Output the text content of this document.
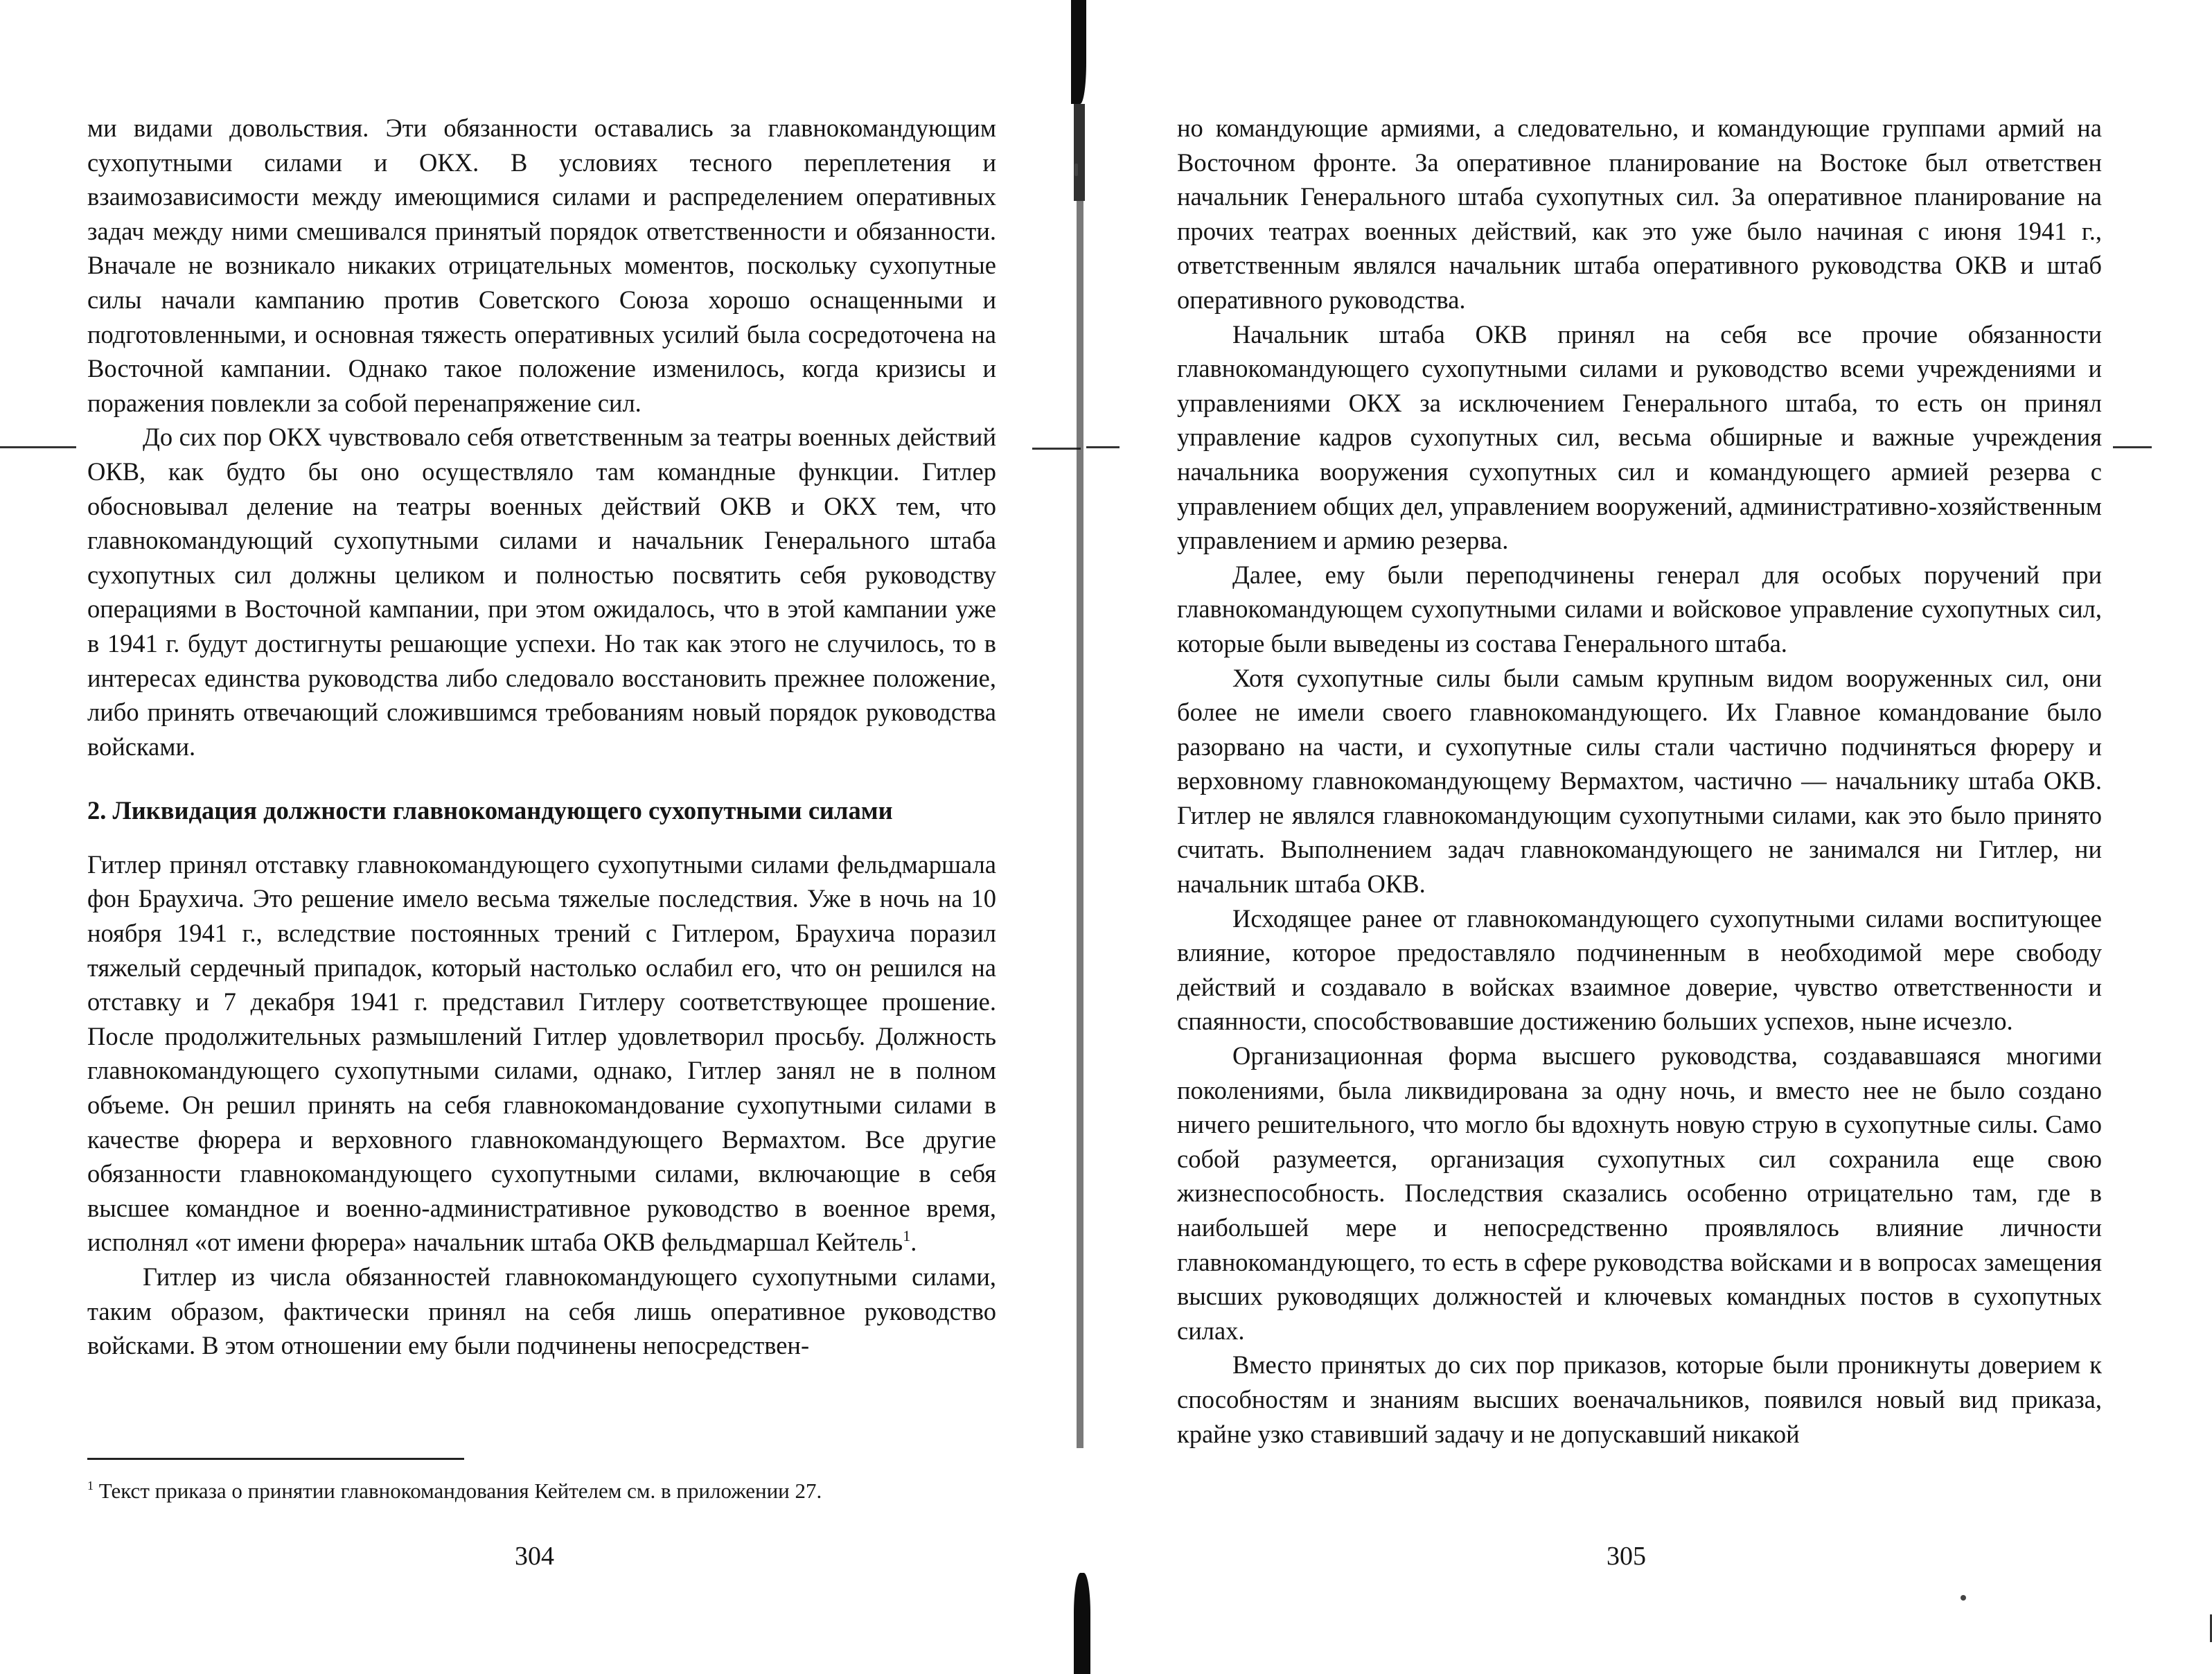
ми видами довольствия. Эти обязанности оставались за главнокомандующим сухопутными силами и ОКХ. В условиях тесного переплетения и взаимозависимости между имеющимися силами и распределением оперативных задач между ними смешивался принятый порядок ответственности и обязанности. Вначале не возникало никаких отрицательных моментов, поскольку сухопутные силы начали кампанию против Советского Союза хорошо оснащенными и подготовленными, и основная тяжесть оперативных усилий была сосредоточена на Восточной кампании. Однако такое положение изменилось, когда кризисы и поражения повлекли за собой перенапряжение сил.

До сих пор ОКХ чувствовало себя ответственным за театры военных действий ОКВ, как будто бы оно осуществляло там командные функции. Гитлер обосновывал деление на театры военных действий ОКВ и ОКХ тем, что главнокомандующий сухопутными силами и начальник Генерального штаба сухопутных сил должны целиком и полностью посвятить себя руководству операциями в Восточной кампании, при этом ожидалось, что в этой кампании уже в 1941 г. будут достигнуты решающие успехи. Но так как этого не случилось, то в интересах единства руководства либо следовало восстановить прежнее положение, либо принять отвечающий сложившимся требованиям новый порядок руководства войсками.

2. Ликвидация должности главнокомандующего сухопутными силами

Гитлер принял отставку главнокомандующего сухопутными силами фельдмаршала фон Браухича. Это решение имело весьма тяжелые последствия. Уже в ночь на 10 ноября 1941 г., вследствие постоянных трений с Гитлером, Браухича поразил тяжелый сердечный припадок, который настолько ослабил его, что он решился на отставку и 7 декабря 1941 г. представил Гитлеру соответствующее прошение. После продолжительных размышлений Гитлер удовлетворил просьбу. Должность главнокомандующего сухопутными силами, однако, Гитлер занял не в полном объеме. Он решил принять на себя главнокомандование сухопутными силами в качестве фюрера и верховного главнокомандующего Вермахтом. Все другие обязанности главнокомандующего сухопутными силами, включающие в себя высшее командное и военно-административное руководство в военное время, исполнял «от имени фюрера» начальник штаба ОКВ фельдмаршал Кейтель$^1$.

Гитлер из числа обязанностей главнокомандующего сухопутными силами, таким образом, фактически принял на себя лишь оперативное руководство войсками. В этом отношении ему были подчинены непосредствен-

$^1$ Текст приказа о принятии главнокомандования Кейтелем см. в приложении 27.

304

но командующие армиями, а следовательно, и командующие группами армий на Восточном фронте. За оперативное планирование на Востоке был ответствен начальник Генерального штаба сухопутных сил. За оперативное планирование на прочих театрах военных действий, как это уже было начиная с июня 1941 г., ответственным являлся начальник штаба оперативного руководства ОКВ и штаб оперативного руководства.

Начальник штаба ОКВ принял на себя все прочие обязанности главнокомандующего сухопутными силами и руководство всеми учреждениями и управлениями ОКХ за исключением Генерального штаба, то есть он принял управление кадров сухопутных сил, весьма обширные и важные учреждения начальника вооружения сухопутных сил и командующего армией резерва с управлением общих дел, управлением вооружений, административно-хозяйственным управлением и армию резерва.

Далее, ему были переподчинены генерал для особых поручений при главнокомандующем сухопутными силами и войсковое управление сухопутных сил, которые были выведены из состава Генерального штаба.

Хотя сухопутные силы были самым крупным видом вооруженных сил, они более не имели своего главнокомандующего. Их Главное командование было разорвано на части, и сухопутные силы стали частично подчиняться фюреру и верховному главнокомандующему Вермахтом, частично — начальнику штаба ОКВ. Гитлер не являлся главнокомандующим сухопутными силами, как это было принято считать. Выполнением задач главнокомандующего не занимался ни Гитлер, ни начальник штаба ОКВ.

Исходящее ранее от главнокомандующего сухопутными силами воспитующее влияние, которое предоставляло подчиненным в необходимой мере свободу действий и создавало в войсках взаимное доверие, чувство ответственности и спаянности, способствовавшие достижению больших успехов, ныне исчезло.

Организационная форма высшего руководства, создававшаяся многими поколениями, была ликвидирована за одну ночь, и вместо нее не было создано ничего решительного, что могло бы вдохнуть новую струю в сухопутные силы. Само собой разумеется, организация сухопутных сил сохранила еще свою жизнеспособность. Последствия сказались особенно отрицательно там, где в наибольшей мере и непосредственно проявлялось влияние личности главнокомандующего, то есть в сфере руководства войсками и в вопросах замещения высших руководящих должностей и ключевых командных постов в сухопутных силах.

Вместо принятых до сих пор приказов, которые были проникнуты доверием к способностям и знаниям высших военачальников, появился новый вид приказа, крайне узко ставивший задачу и не допускавший никакой

305
